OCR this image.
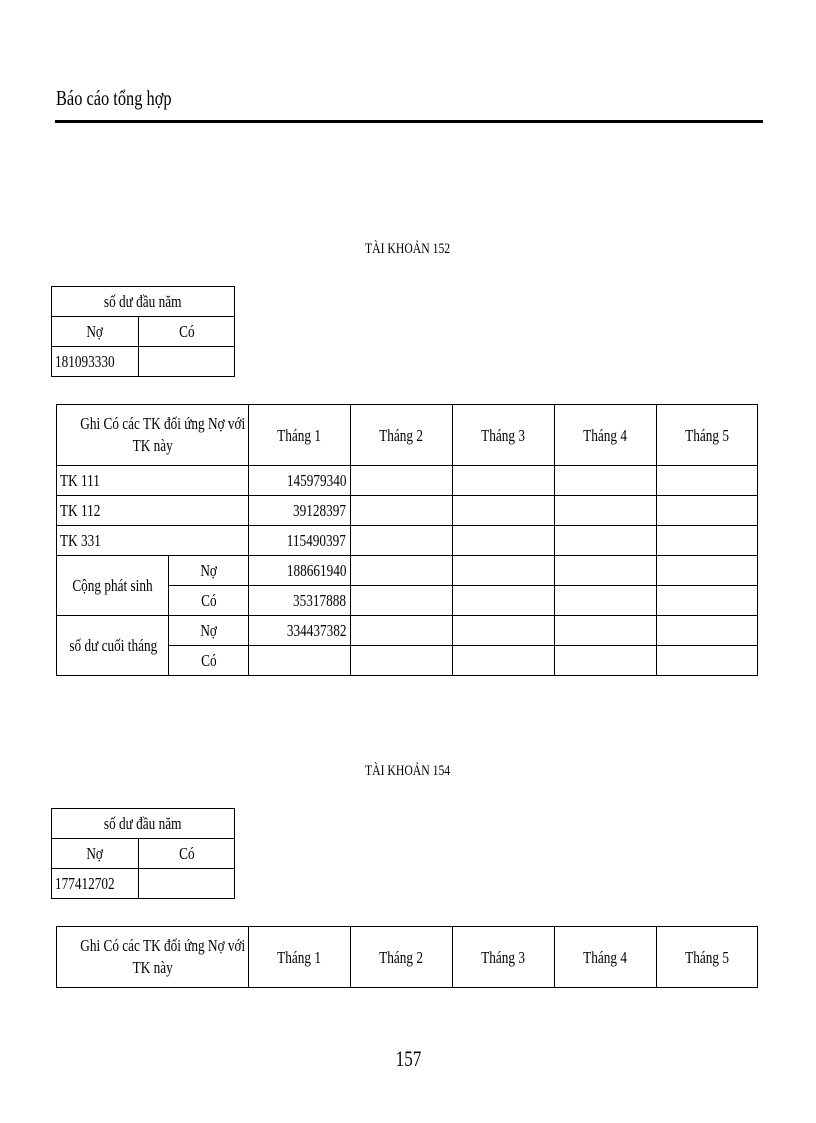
Báo cáo tổng hợp
TÀI KHOẢN 152
số dư đầu năm	
Nợ	Có
181093330	
Ghi Có các TK đối ứng Nợ với
TK này		Tháng 1	Tháng 2	Tháng 3	Tháng 4	Tháng 5
TK 111		145979340				
TK 112		39128397				
TK 331		115490397				
Cộng phát sinh	Nợ	188661940				
	Có	35317888				
số dư cuối tháng	Nợ	334437382				
	Có					
TÀI KHOẢN 154
số dư đầu năm	
Nợ	Có
177412702	
Ghi Có các TK đối ứng Nợ với
TK này	Tháng 1	Tháng 2	Tháng 3	Tháng 4	Tháng 5
157
